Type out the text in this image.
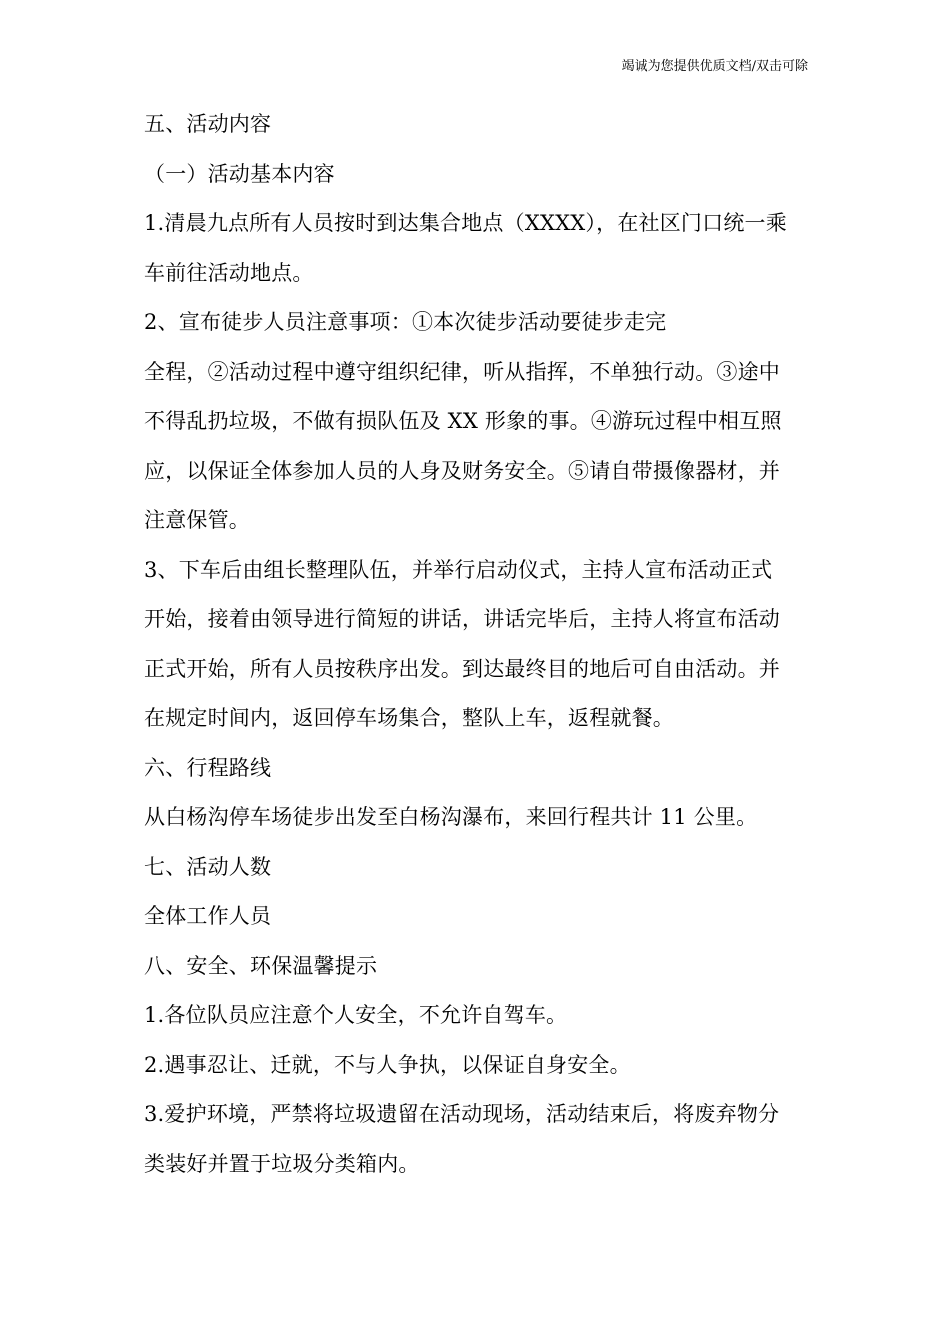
竭诚为您提供优质文档/双击可除
五、活动内容
（一）活动基本内容
1.清晨九点所有人员按时到达集合地点（XXXX），在社区门口统一乘
车前往活动地点。
2、宣布徒步人员注意事项：①本次徒步活动要徒步走完
全程，②活动过程中遵守组织纪律，听从指挥，不单独行动。③途中
不得乱扔垃圾，不做有损队伍及 XX 形象的事。④游玩过程中相互照
应，以保证全体参加人员的人身及财务安全。⑤请自带摄像器材，并
注意保管。
3、下车后由组长整理队伍，并举行启动仪式，主持人宣布活动正式
开始，接着由领导进行简短的讲话，讲话完毕后，主持人将宣布活动
正式开始，所有人员按秩序出发。到达最终目的地后可自由活动。并
在规定时间内，返回停车场集合，整队上车，返程就餐。
六、行程路线
从白杨沟停车场徒步出发至白杨沟瀑布，来回行程共计 11 公里。
七、活动人数
全体工作人员
八、安全、环保温馨提示
1.各位队员应注意个人安全，不允许自驾车。
2.遇事忍让、迁就，不与人争执，以保证自身安全。
3.爱护环境，严禁将垃圾遗留在活动现场，活动结束后，将废弃物分
类装好并置于垃圾分类箱内。
